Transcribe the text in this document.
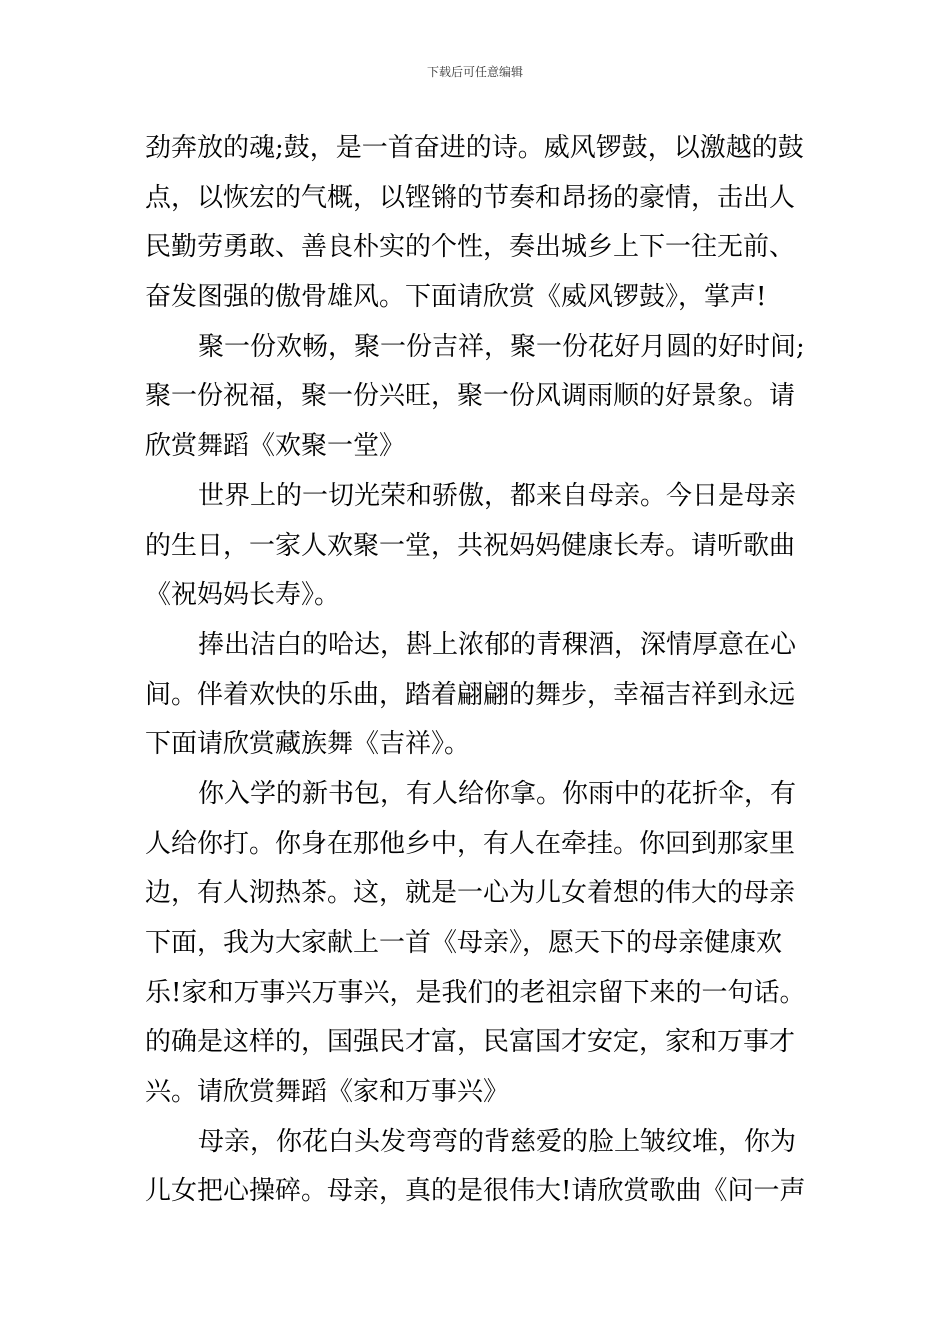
下载后可任意编辑
劲奔放的魂;鼓，是一首奋进的诗。威风锣鼓，以激越的鼓
点，以恢宏的气概，以铿锵的节奏和昂扬的豪情，击出人
民勤劳勇敢、善良朴实的个性，奏出城乡上下一往无前、
奋发图强的傲骨雄风。下面请欣赏《威风锣鼓》，掌声!
聚一份欢畅，聚一份吉祥，聚一份花好月圆的好时间;
聚一份祝福，聚一份兴旺，聚一份风调雨顺的好景象。请
欣赏舞蹈《欢聚一堂》
世界上的一切光荣和骄傲，都来自母亲。今日是母亲
的生日，一家人欢聚一堂，共祝妈妈健康长寿。请听歌曲
《祝妈妈长寿》。
捧出洁白的哈达，斟上浓郁的青稞酒，深情厚意在心
间。伴着欢快的乐曲，踏着翩翩的舞步，幸福吉祥到永远
下面请欣赏藏族舞《吉祥》。
你入学的新书包，有人给你拿。你雨中的花折伞，有
人给你打。你身在那他乡中，有人在牵挂。你回到那家里
边，有人沏热茶。这，就是一心为儿女着想的伟大的母亲
下面，我为大家献上一首《母亲》，愿天下的母亲健康欢
乐!家和万事兴万事兴，是我们的老祖宗留下来的一句话。
的确是这样的，国强民才富，民富国才安定，家和万事才
兴。请欣赏舞蹈《家和万事兴》
母亲，你花白头发弯弯的背慈爱的脸上皱纹堆，你为
儿女把心操碎。母亲，真的是很伟大!请欣赏歌曲《问一声
